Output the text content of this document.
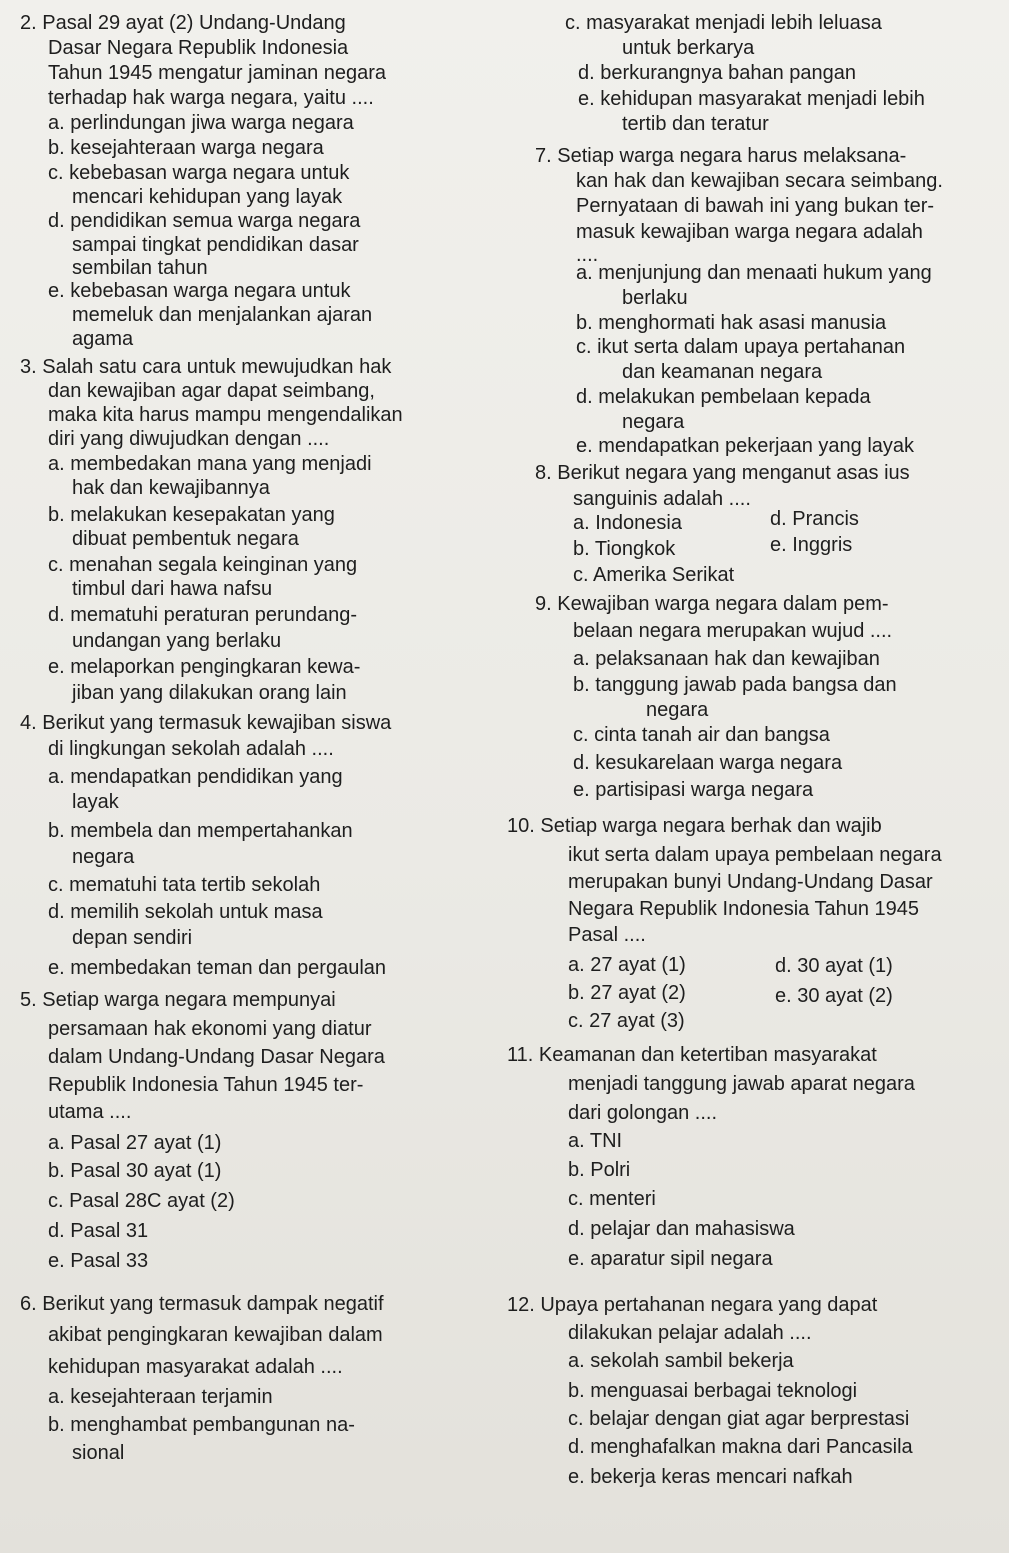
2. Pasal 29 ayat (2) Undang-Undang
Dasar Negara Republik Indonesia
Tahun 1945 mengatur jaminan negara
terhadap hak warga negara, yaitu ....
a. perlindungan jiwa warga negara
b. kesejahteraan warga negara
c. kebebasan warga negara untuk
mencari kehidupan yang layak
d. pendidikan semua warga negara
sampai tingkat pendidikan dasar
sembilan tahun
e. kebebasan warga negara untuk
memeluk dan menjalankan ajaran
agama
3. Salah satu cara untuk mewujudkan hak
dan kewajiban agar dapat seimbang,
maka kita harus mampu mengendalikan
diri yang diwujudkan dengan ....
a. membedakan mana yang menjadi
hak dan kewajibannya
b. melakukan kesepakatan yang
dibuat pembentuk negara
c. menahan segala keinginan yang
timbul dari hawa nafsu
d. mematuhi peraturan perundang-
undangan yang berlaku
e. melaporkan pengingkaran kewa-
jiban yang dilakukan orang lain
4. Berikut yang termasuk kewajiban siswa
di lingkungan sekolah adalah ....
a. mendapatkan pendidikan yang
layak
b. membela dan mempertahankan
negara
c. mematuhi tata tertib sekolah
d. memilih sekolah untuk masa
depan sendiri
e. membedakan teman dan pergaulan
5. Setiap warga negara mempunyai
persamaan hak ekonomi yang diatur
dalam Undang-Undang Dasar Negara
Republik Indonesia Tahun 1945 ter-
utama ....
a. Pasal 27 ayat (1)
b. Pasal 30 ayat (1)
c. Pasal 28C ayat (2)
d. Pasal 31
e. Pasal 33
6. Berikut yang termasuk dampak negatif
akibat pengingkaran kewajiban dalam
kehidupan masyarakat adalah ....
a. kesejahteraan terjamin
b. menghambat pembangunan na-
sional
c. masyarakat menjadi lebih leluasa
untuk berkarya
d. berkurangnya bahan pangan
e. kehidupan masyarakat menjadi lebih
tertib dan teratur
7. Setiap warga negara harus melaksana-
kan hak dan kewajiban secara seimbang.
Pernyataan di bawah ini yang bukan ter-
masuk kewajiban warga negara adalah
....
a. menjunjung dan menaati hukum yang
berlaku
b. menghormati hak asasi manusia
c. ikut serta dalam upaya pertahanan
dan keamanan negara
d. melakukan pembelaan kepada
negara
e. mendapatkan pekerjaan yang layak
8. Berikut negara yang menganut asas ius
sanguinis adalah ....
a. Indonesia	d. Prancis
b. Tiongkok	e. Inggris
c. Amerika Serikat
9. Kewajiban warga negara dalam pem-
belaan negara merupakan wujud ....
a. pelaksanaan hak dan kewajiban
b. tanggung jawab pada bangsa dan
negara
c. cinta tanah air dan bangsa
d. kesukarelaan warga negara
e. partisipasi warga negara
10. Setiap warga negara berhak dan wajib
ikut serta dalam upaya pembelaan negara
merupakan bunyi Undang-Undang Dasar
Negara Republik Indonesia Tahun 1945
Pasal ....
a. 27 ayat (1)	d. 30 ayat (1)
b. 27 ayat (2)	e. 30 ayat (2)
c. 27 ayat (3)
11. Keamanan dan ketertiban masyarakat
menjadi tanggung jawab aparat negara
dari golongan ....
a. TNI
b. Polri
c. menteri
d. pelajar dan mahasiswa
e. aparatur sipil negara
12. Upaya pertahanan negara yang dapat
dilakukan pelajar adalah ....
a. sekolah sambil bekerja
b. menguasai berbagai teknologi
c. belajar dengan giat agar berprestasi
d. menghafalkan makna dari Pancasila
e. bekerja keras mencari nafkah
